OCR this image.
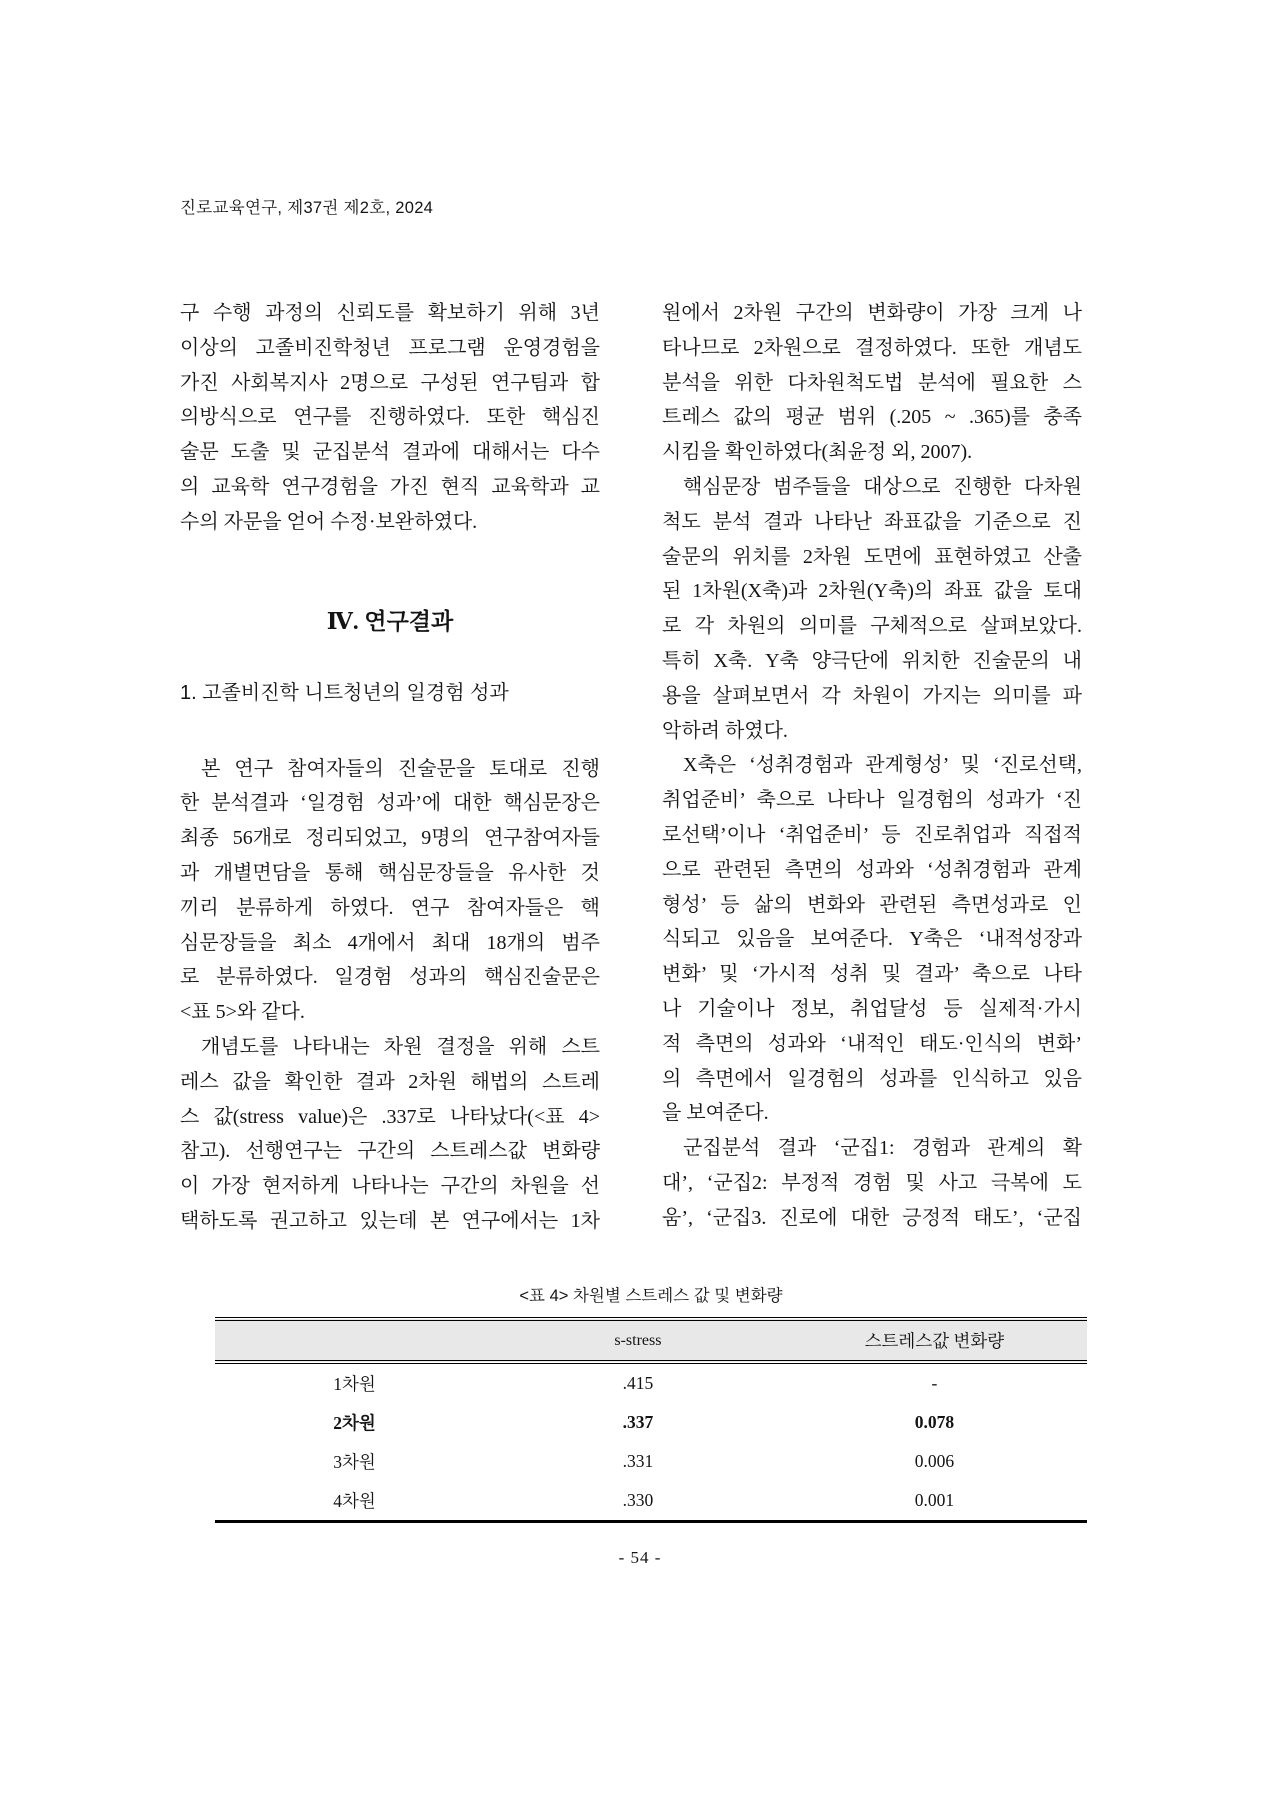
진로교육연구, 제37권 제2호, 2024
구 수행 과정의 신뢰도를 확보하기 위해 3년
이상의 고졸비진학청년 프로그램 운영경험을
가진 사회복지사 2명으로 구성된 연구팀과 합
의방식으로 연구를 진행하였다. 또한 핵심진
술문 도출 및 군집분석 결과에 대해서는 다수
의 교육학 연구경험을 가진 현직 교육학과 교
수의 자문을 얻어 수정·보완하였다.
Ⅳ. 연구결과
1. 고졸비진학 니트청년의 일경험 성과
본 연구 참여자들의 진술문을 토대로 진행
한 분석결과 ‘일경험 성과’에 대한 핵심문장은
최종 56개로 정리되었고, 9명의 연구참여자들
과 개별면담을 통해 핵심문장들을 유사한 것
끼리 분류하게 하였다. 연구 참여자들은 핵
심문장들을 최소 4개에서 최대 18개의 범주
로 분류하였다. 일경험 성과의 핵심진술문은
<표 5>와 같다.
개념도를 나타내는 차원 결정을 위해 스트
레스 값을 확인한 결과 2차원 해법의 스트레
스 값(stress value)은 .337로 나타났다(<표 4>
참고). 선행연구는 구간의 스트레스값 변화량
이 가장 현저하게 나타나는 구간의 차원을 선
택하도록 권고하고 있는데 본 연구에서는 1차
원에서 2차원 구간의 변화량이 가장 크게 나
타나므로 2차원으로 결정하였다. 또한 개념도
분석을 위한 다차원척도법 분석에 필요한 스
트레스 값의 평균 범위 (.205 ~ .365)를 충족
시킴을 확인하였다(최윤정 외, 2007).
핵심문장 범주들을 대상으로 진행한 다차원
척도 분석 결과 나타난 좌표값을 기준으로 진
술문의 위치를 2차원 도면에 표현하였고 산출
된 1차원(X축)과 2차원(Y축)의 좌표 값을 토대
로 각 차원의 의미를 구체적으로 살펴보았다.
특히 X축. Y축 양극단에 위치한 진술문의 내
용을 살펴보면서 각 차원이 가지는 의미를 파
악하려 하였다.
X축은 ‘성취경험과 관계형성’ 및 ‘진로선택,
취업준비’ 축으로 나타나 일경험의 성과가 ‘진
로선택’이나 ‘취업준비’ 등 진로취업과 직접적
으로 관련된 측면의 성과와 ‘성취경험과 관계
형성’ 등 삶의 변화와 관련된 측면성과로 인
식되고 있음을 보여준다. Y축은 ‘내적성장과
변화’ 및 ‘가시적 성취 및 결과’ 축으로 나타
나 기술이나 정보, 취업달성 등 실제적·가시
적 측면의 성과와 ‘내적인 태도·인식의 변화’
의 측면에서 일경험의 성과를 인식하고 있음
을 보여준다.
군집분석 결과 ‘군집1: 경험과 관계의 확
대’, ‘군집2: 부정적 경험 및 사고 극복에 도
움’, ‘군집3. 진로에 대한 긍정적 태도’, ‘군집
<표 4> 차원별 스트레스 값 및 변화량
	s-stress	스트레스값 변화량
1차원	.415	-
2차원	.337	0.078
3차원	.331	0.006
4차원	.330	0.001
- 54 -
